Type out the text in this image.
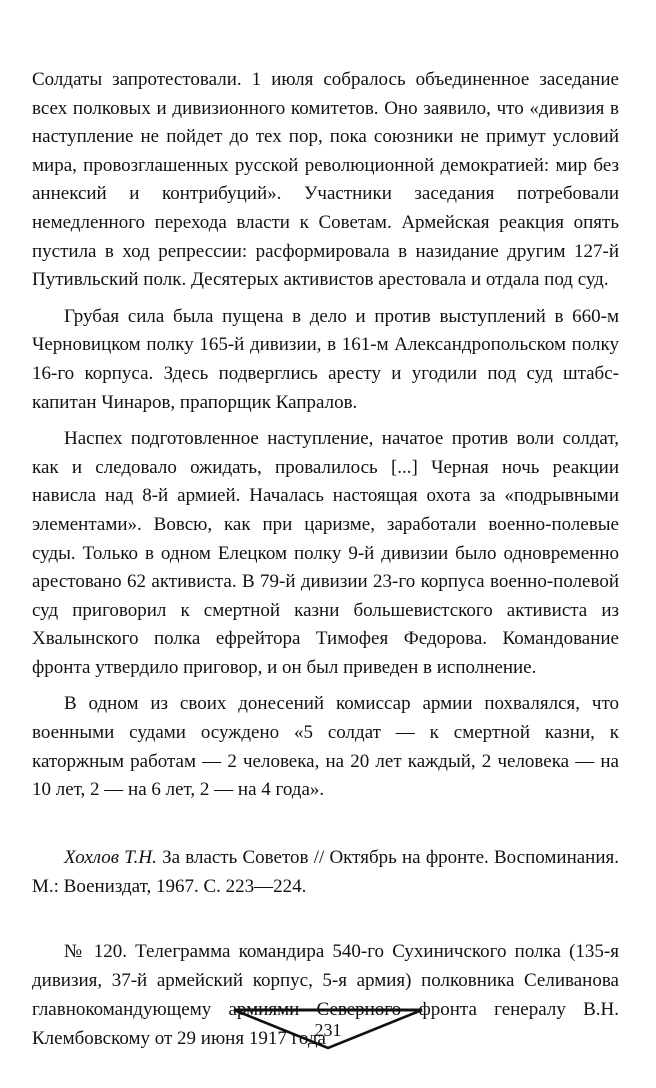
Солдаты запротестовали. 1 июля собралось объединенное заседание всех полковых и дивизионного комитетов. Оно заявило, что «дивизия в наступление не пойдет до тех пор, пока союзники не примут условий мира, провозглашенных русской революционной демократией: мир без аннексий и контрибуций». Участники заседания потребовали немедленного перехода власти к Советам. Армейская реакция опять пустила в ход репрессии: расформировала в назидание другим 127-й Путивльский полк. Десятерых активистов арестовала и отдала под суд.

Грубая сила была пущена в дело и против выступлений в 660-м Черновицком полку 165-й дивизии, в 161-м Александропольском полку 16-го корпуса. Здесь подверглись аресту и угодили под суд штабс-капитан Чинаров, прапорщик Капралов.

Наспех подготовленное наступление, начатое против воли солдат, как и следовало ожидать, провалилось [...] Черная ночь реакции нависла над 8-й армией. Началась настоящая охота за «подрывными элементами». Вовсю, как при царизме, заработали военно-полевые суды. Только в одном Елецком полку 9-й дивизии было одновременно арестовано 62 активиста. В 79-й дивизии 23-го корпуса военно-полевой суд приговорил к смертной казни большевистского активиста из Хвалынского полка ефрейтора Тимофея Федорова. Командование фронта утвердило приговор, и он был приведен в исполнение.

В одном из своих донесений комиссар армии похвалялся, что военными судами осуждено «5 солдат — к смертной казни, к каторжным работам — 2 человека, на 20 лет каждый, 2 человека — на 10 лет, 2 — на 6 лет, 2 — на 4 года».

Хохлов Т.Н. За власть Советов // Октябрь на фронте. Воспоминания. М.: Воениздат, 1967. С. 223—224.

№ 120. Телеграмма командира 540-го Сухиничского полка (135-я дивизия, 37-й армейский корпус, 5-я армия) полковника Селиванова главнокомандующему армиями Северного фронта генералу В.Н. Клембовскому от 29 июня 1917 года

231
